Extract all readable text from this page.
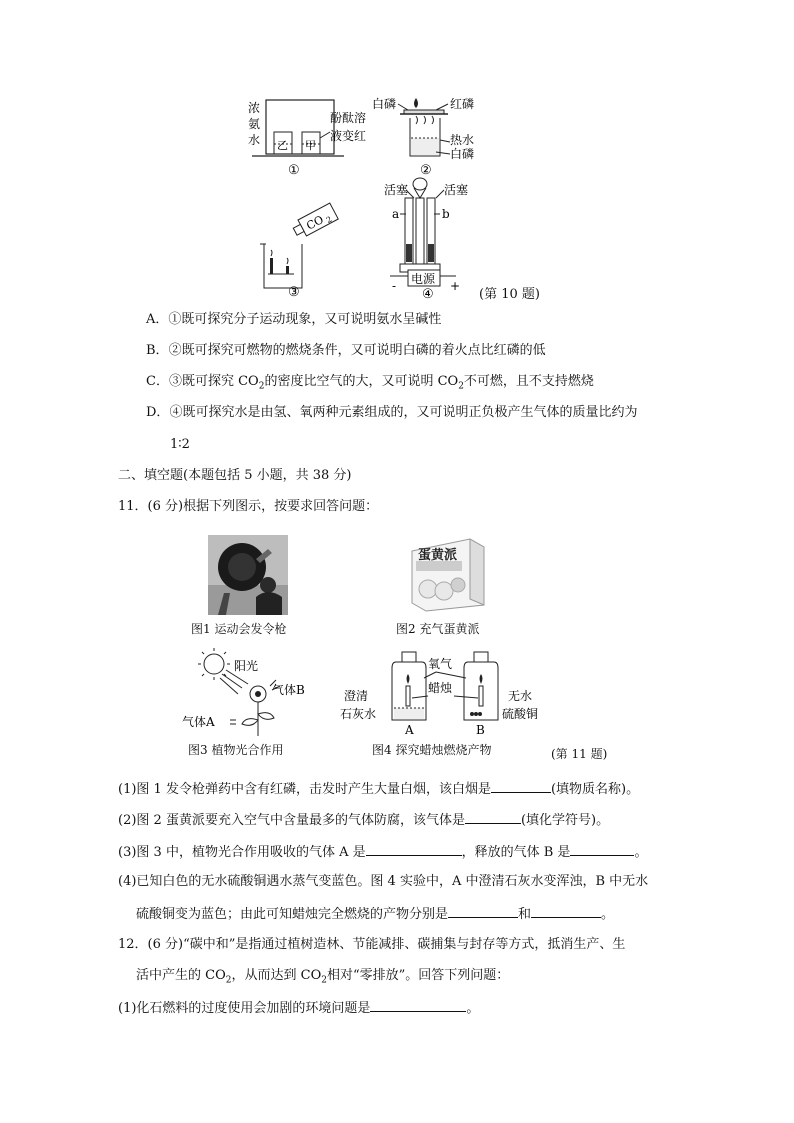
浓
氨
水 乙 甲
酚酞溶
液变红
①
白磷	红磷
热水
白磷
②
CO
2
③
活塞	活塞
a	b
电源
-	+
④	(第 10 题)
A．①既可探究分子运动现象，又可说明氨水呈碱性
B．②既可探究可燃物的燃烧条件，又可说明白磷的着火点比红磷的低
C．③既可探究 $CO_2$的密度比空气的大，又可说明 $CO_2$不可燃，且不支持燃烧
D．④既可探究水是由氢、氧两种元素组成的，又可说明正负极产生气体的质量比约为
1∶2
二、填空题(本题包括 5 小题，共 38 分)
11．(6 分)根据下列图示，按要求回答问题：
图1 运动会发令枪
蛋黄派
图2 充气蛋黄派
阳光
气体B
气体A
图3 植物光合作用
氧气
蜡烛
澄清
石灰水
无水
硫酸铜
A	B
图4 探究蜡烛燃烧产物	(第 11 题)
(1)图 1 发令枪弹药中含有红磷，击发时产生大量白烟，该白烟是	(填物质名称)。
(2)图 2 蛋黄派要充入空气中含量最多的气体防腐，该气体是	(填化学符号)。
(3)图 3 中，植物光合作用吸收的气体 A 是	，释放的气体 B 是	。
(4)已知白色的无水硫酸铜遇水蒸气变蓝色。图 4 实验中，A 中澄清石灰水变浑浊，B 中无水
硫酸铜变为蓝色；由此可知蜡烛完全燃烧的产物分别是	和	。
12．(6 分)“碳中和”是指通过植树造林、节能减排、碳捕集与封存等方式，抵消生产、生
活中产生的 $CO_2$，从而达到 $CO_2$相对“零排放”。回答下列问题：
(1)化石燃料的过度使用会加剧的环境问题是	。
